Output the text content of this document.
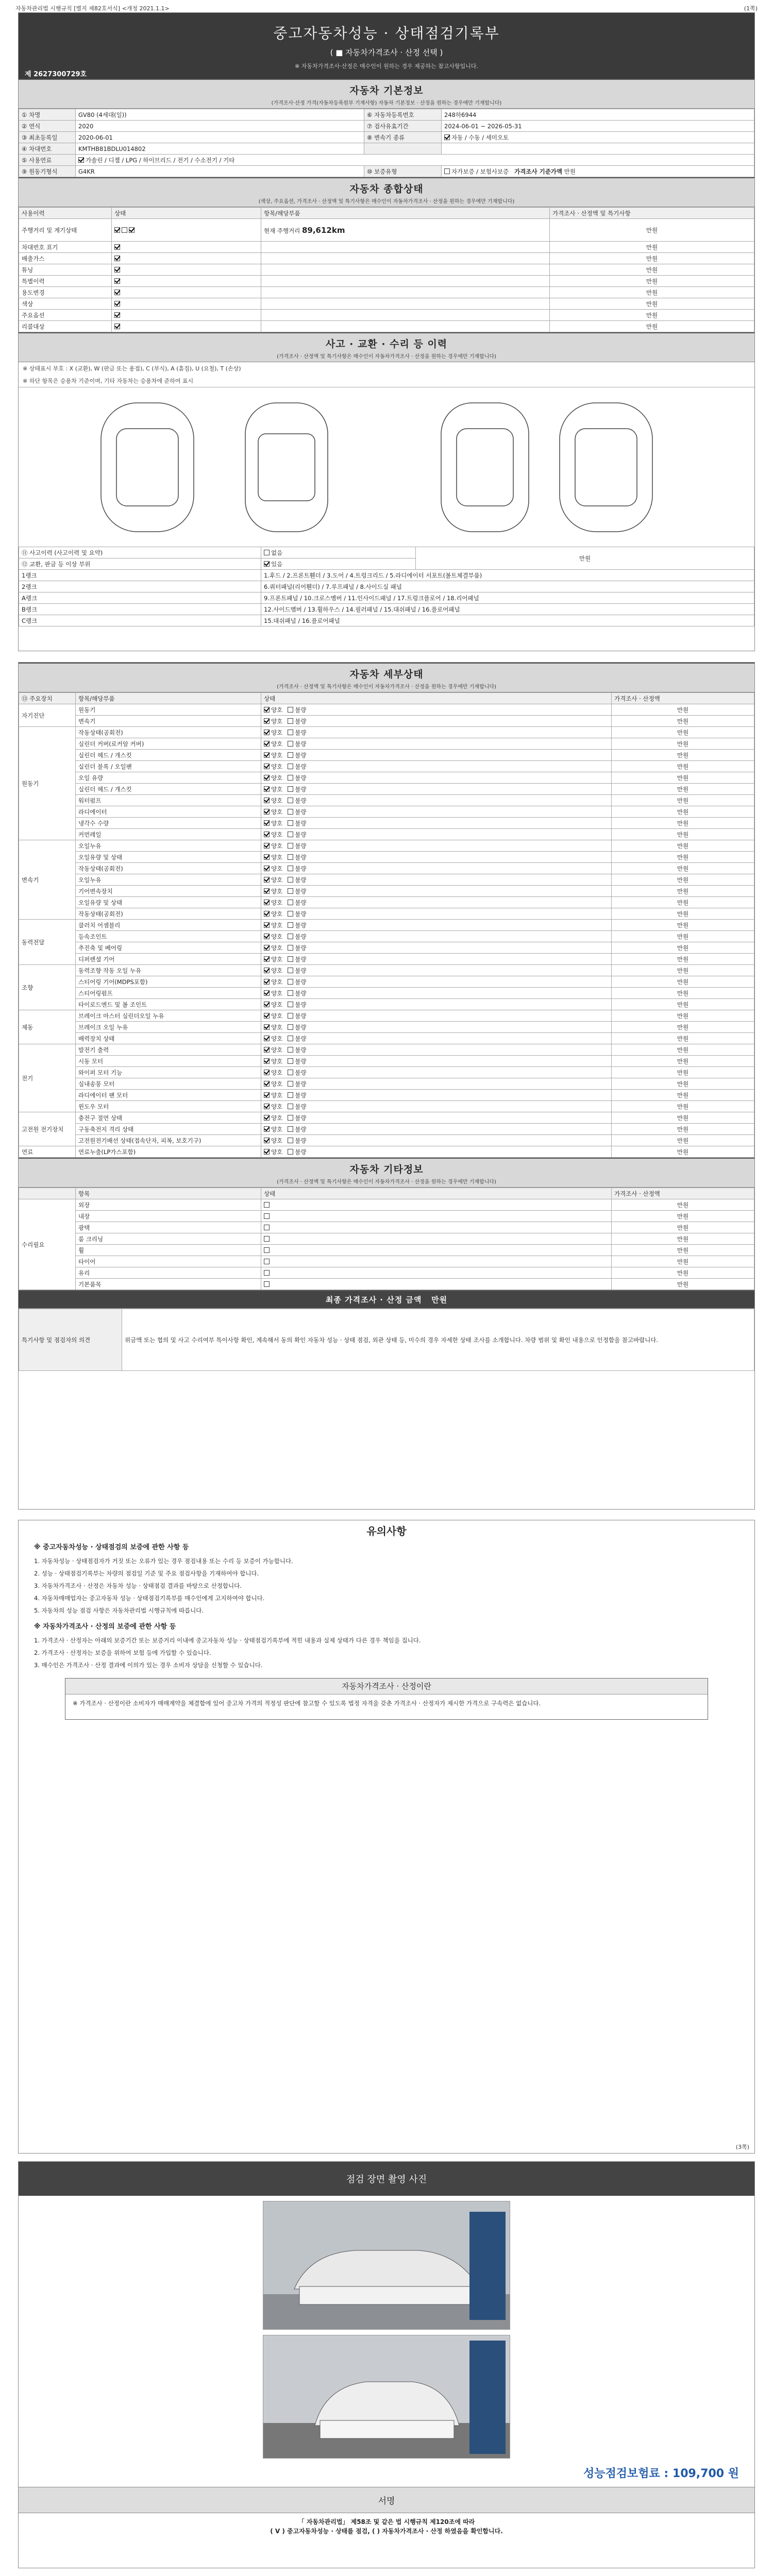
자동차관리법 시행규칙 [별지 제82호서식] <개정 2021.1.1>	(1쪽)
중고자동차성능 · 상태점검기록부
( ■ 자동차가격조사 · 산정 선택 )
※ 자동차가격조사·산정은 매수인이 원하는 경우 제공하는 참고사항입니다.
제 2627300729호
자동차 기본정보
(가격조사·산정 가격(자동차등록원부 기재사항) 자동차 기본정보 · 산정을 원하는 경우에만 기재합니다)
① 차명	GV80 (4세대(일))	⑥ 자동차등록번호	248하6944
② 연식	2020	⑦ 검사유효기간	2024-06-01 ~ 2026-05-31
③ 최초등록일	2020-06-01	⑧ 변속기 종류	자동 / 수동 / 세미오토
④ 차대번호	KMTHB81BDLU014802		
⑤ 사용연료	가솔린 / 디젤 / LPG / 하이브리드 / 전기 / 수소전기 / 기타		
⑨ 원동기형식	G4KR	⑩ 보증유형	자가보증 / 보험사보증 가격조사 기준가액 만원
자동차 종합상태
(색상, 주요옵션, 가격조사 · 산정액 및 특기사항은 매수인이 자동차가격조사 · 산정을 원하는 경우에만 기재합니다)
사용이력	상태	항목/해당부품	가격조사 · 산정액 및 특기사항
주행거리 및 계기상태		현재 주행거리 89,612km	만원
차대번호 표기			만원
배출가스			만원
튜닝			만원
특별이력			만원
용도변경			만원
색상			만원
주요옵션			만원
리콜대상			만원
사고 · 교환 · 수리 등 이력
(가격조사 · 산정액 및 특기사항은 매수인이 자동차가격조사 · 산정을 원하는 경우에만 기재합니다)
※ 상태표시 부호 : X (교환), W (판금 또는 용접), C (부식), A (흠집), U (요철), T (손상)
※ 하단 항목은 승용차 기준이며, 기타 자동차는 승용차에 준하여 표시
⑪ 사고이력 (사고이력 및 요약)	없음	만원
⑫ 교환, 판금 등 이상 부위	있음	
1랭크	1.후드 / 2.프론트휀더 / 3.도어 / 4.트렁크리드 / 5.라디에이터 서포트(볼트체결부품)	
2랭크	6.쿼터패널(리어휀더) / 7.루프패널 / 8.사이드실 패널	
A랭크	9.프론트패널 / 10.크로스멤버 / 11.인사이드패널 / 17.트렁크플로어 / 18.리어패널	
B랭크	12.사이드멤버 / 13.휠하우스 / 14.필러패널 / 15.대쉬패널 / 16.플로어패널	
C랭크	15.대쉬패널 / 16.플로어패널	
자동차 세부상태
(가격조사 · 산정액 및 특기사항은 매수인이 자동차가격조사 · 산정을 원하는 경우에만 기재합니다)
⑬ 주요장치	항목/해당부품	상태	가격조사 · 산정액
자기진단	원동기	양호 불량	만원
	변속기	양호 불량	만원
원동기	작동상태(공회전)	양호 불량	만원
	실린더 커버(로커암 커버)	양호 불량	만원
	실린더 헤드 / 개스킷	양호 불량	만원
	실린더 블록 / 오일팬	양호 불량	만원
	오일 유량	양호 불량	만원
	실린더 헤드 / 개스킷	양호 불량	만원
	워터펌프	양호 불량	만원
	라디에이터	양호 불량	만원
	냉각수 수량	양호 불량	만원
	커먼레일	양호 불량	만원
변속기	오일누유	양호 불량	만원
	오일유량 및 상태	양호 불량	만원
	작동상태(공회전)	양호 불량	만원
	오일누유	양호 불량	만원
	기어변속장치	양호 불량	만원
	오일유량 및 상태	양호 불량	만원
	작동상태(공회전)	양호 불량	만원
동력전달	클러치 어셈블리	양호 불량	만원
	등속조인트	양호 불량	만원
	추진축 및 베어링	양호 불량	만원
	디퍼렌셜 기어	양호 불량	만원
조향	동력조향 작동 오일 누유	양호 불량	만원
	스티어링 기어(MDPS포함)	양호 불량	만원
	스티어링펌프	양호 불량	만원
	타이로드엔드 및 볼 조인트	양호 불량	만원
제동	브레이크 마스터 실린더오일 누유	양호 불량	만원
	브레이크 오일 누유	양호 불량	만원
	배력장치 상태	양호 불량	만원
전기	발전기 출력	양호 불량	만원
	시동 모터	양호 불량	만원
	와이퍼 모터 기능	양호 불량	만원
	실내송풍 모터	양호 불량	만원
	라디에이터 팬 모터	양호 불량	만원
	윈도우 모터	양호 불량	만원
고전원 전기장치	충전구 절연 상태	양호 불량	만원
	구동축전지 격리 상태	양호 불량	만원
	고전원전기배선 상태(접속단자, 피복, 보호기구)	양호 불량	만원
연료	연료누출(LP가스포함)	양호 불량	만원
자동차 기타정보
(가격조사 · 산정액 및 특기사항은 매수인이 자동차가격조사 · 산정을 원하는 경우에만 기재합니다)
	항목	상태	가격조사 · 산정액
수리필요	외장		만원
	내장		만원
	광택		만원
	룸 크리닝		만원
	휠		만원
	타이어		만원
	유리		만원
	기본품목		만원
최종 가격조사 · 산정 금액 만원
특기사항 및 점검자의 의견	위금액 또는 협의 및 사고 수리여부 특이사항 확인, 계속해서 동의 확인 자동차 성능 · 상태 점검, 외관 상태 등, 미수의 경우 자세한 상태 조사를 소개합니다. 차량 범위 및 확인 내용으로 인정함을 참고바랍니다.
유의사항
※ 중고자동차성능 · 상태점검의 보증에 관한 사항 등

1. 자동차성능 · 상태점검자가 거짓 또는 오류가 있는 경우 점검내용 또는 수리 등 보증이 가능합니다.

2. 성능 · 상태점검기록부는 차량의 점검일 기준 및 주요 점검사항을 기재하여야 합니다.

3. 자동차가격조사 · 산정은 자동차 성능 · 상태점검 결과를 바탕으로 산정합니다.

4. 자동차매매업자는 중고자동차 성능 · 상태점검기록부를 매수인에게 고지하여야 합니다.

5. 자동차의 성능 점검 사항은 자동차관리법 시행규칙에 따릅니다.

※ 자동차가격조사 · 산정의 보증에 관한 사항 등

1. 가격조사 · 산정자는 아래의 보증기간 또는 보증거리 이내에 중고자동차 성능 · 상태점검기록부에 적힌 내용과 실제 상태가 다른 경우 책임을 집니다.

2. 가격조사 · 산정자는 보증을 위하여 보험 등에 가입할 수 있습니다.

3. 매수인은 가격조사 · 산정 결과에 이의가 있는 경우 소비자 상담을 신청할 수 있습니다.

자동차가격조사 · 산정이란

※ 가격조사 · 산정이란 소비자가 매매계약을 체결함에 있어 중고차 가격의 적정성 판단에 참고할 수 있도록 법정 자격을 갖춘 가격조사 · 산정자가 제시한 가격으로 구속력은 없습니다.

(3쪽)
점검 장면 촬영 사진
성능점검보험료 : 109,700 원
서명
「 자동차관리법」 제58조 및 같은 법 시행규칙 제120조에 따라
( V ) 중고자동차성능 · 상태를 점검, ( ) 자동차가격조사 · 산정 하였음을 확인합니다.
